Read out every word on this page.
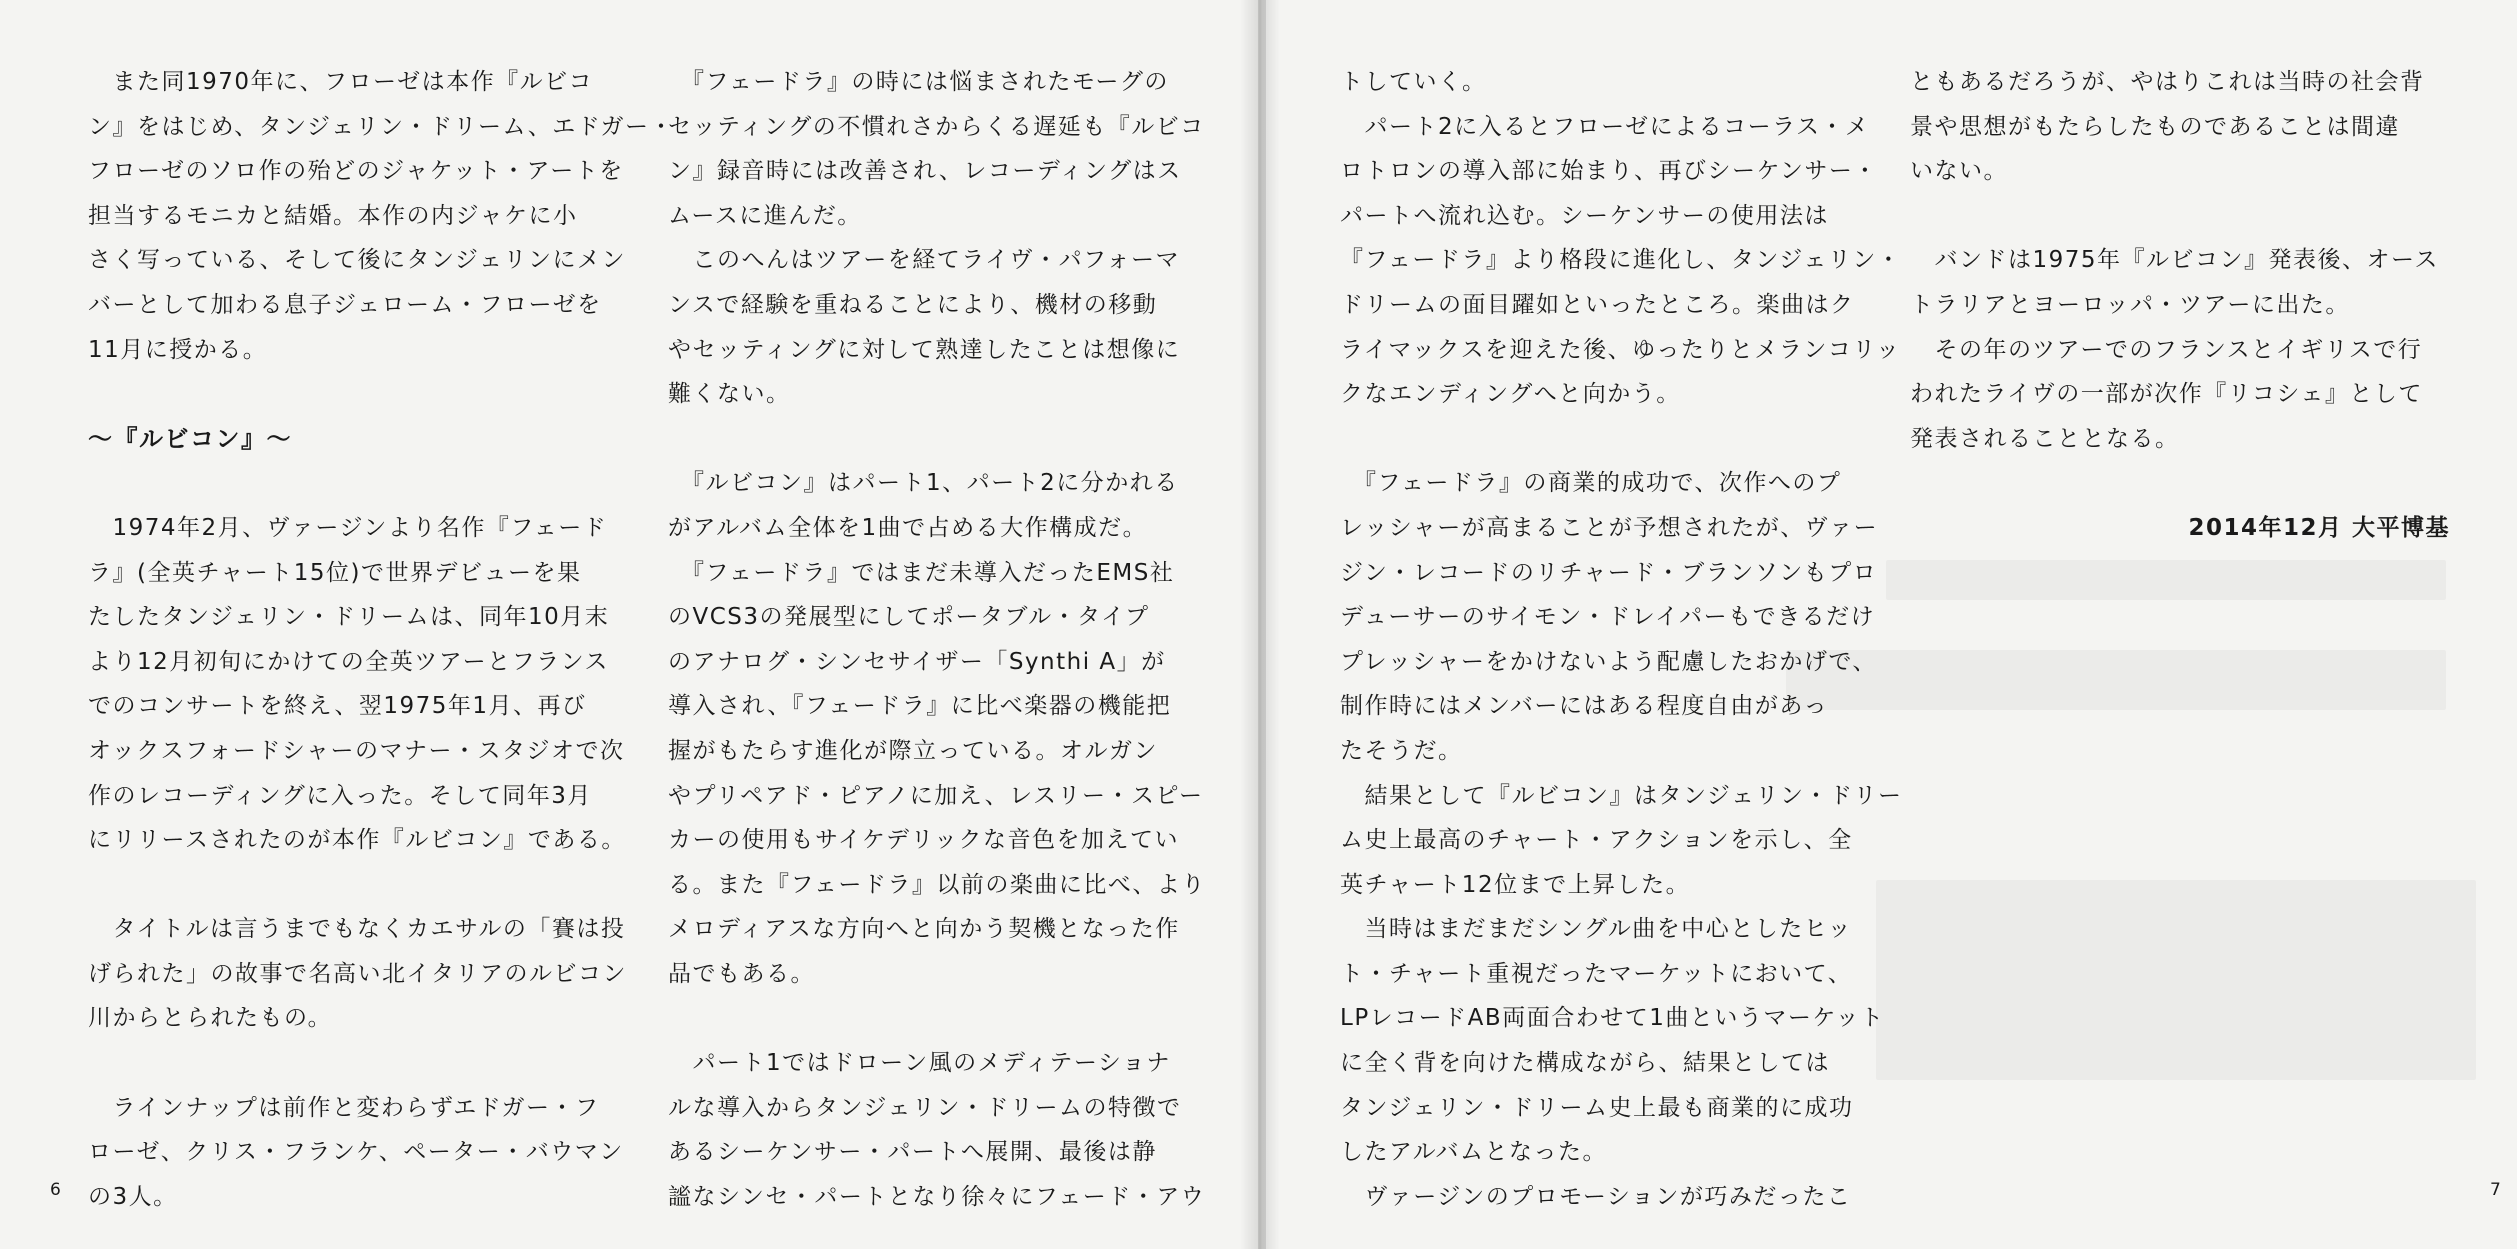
　また同1970年に、フローゼは本作『ルビコ

ン』をはじめ、タンジェリン・ドリーム、エドガー・

フローゼのソロ作の殆どのジャケット・アートを

担当するモニカと結婚。本作の内ジャケに小

さく写っている、そして後にタンジェリンにメン

バーとして加わる息子ジェローム・フローゼを

11月に授かる。

〜『ルビコン』〜

　1974年2月、ヴァージンより名作『フェード

ラ』(全英チャート15位)で世界デビューを果

たしたタンジェリン・ドリームは、同年10月末

より12月初旬にかけての全英ツアーとフランス

でのコンサートを終え、翌1975年1月、再び

オックスフォードシャーのマナー・スタジオで次

作のレコーディングに入った。そして同年3月

にリリースされたのが本作『ルビコン』である。

　タイトルは言うまでもなくカエサルの「賽は投

げられた」の故事で名高い北イタリアのルビコン

川からとられたもの。

　ラインナップは前作と変わらずエドガー・フ

ローゼ、クリス・フランケ、ペーター・バウマン

の3人。

　『フェードラ』の時には悩まされたモーグの

セッティングの不慣れさからくる遅延も『ルビコ

ン』録音時には改善され、レコーディングはス

ムースに進んだ。

　このへんはツアーを経てライヴ・パフォーマ

ンスで経験を重ねることにより、機材の移動

やセッティングに対して熟達したことは想像に

難くない。

　『ルビコン』はパート1、パート2に分かれる

がアルバム全体を1曲で占める大作構成だ。

　『フェードラ』ではまだ未導入だったEMS社

のVCS3の発展型にしてポータブル・タイプ

のアナログ・シンセサイザー「Synthi A」が

導入され、『フェードラ』に比べ楽器の機能把

握がもたらす進化が際立っている。オルガン

やプリペアド・ピアノに加え、レスリー・スピー

カーの使用もサイケデリックな音色を加えてい

る。また『フェードラ』以前の楽曲に比べ、より

メロディアスな方向へと向かう契機となった作

品でもある。

　パート1ではドローン風のメディテーショナ

ルな導入からタンジェリン・ドリームの特徴で

あるシーケンサー・パートへ展開、最後は静

謐なシンセ・パートとなり徐々にフェード・アウ

6

トしていく。

　パート2に入るとフローゼによるコーラス・メ

ロトロンの導入部に始まり、再びシーケンサー・

パートへ流れ込む。シーケンサーの使用法は

『フェードラ』より格段に進化し、タンジェリン・

ドリームの面目躍如といったところ。楽曲はク

ライマックスを迎えた後、ゆったりとメランコリッ

クなエンディングへと向かう。

　『フェードラ』の商業的成功で、次作へのプ

レッシャーが高まることが予想されたが、ヴァー

ジン・レコードのリチャード・ブランソンもプロ

デューサーのサイモン・ドレイパーもできるだけ

プレッシャーをかけないよう配慮したおかげで、

制作時にはメンバーにはある程度自由があっ

たそうだ。

　結果として『ルビコン』はタンジェリン・ドリー

ム史上最高のチャート・アクションを示し、全

英チャート12位まで上昇した。

　当時はまだまだシングル曲を中心としたヒッ

ト・チャート重視だったマーケットにおいて、

LPレコードAB両面合わせて1曲というマーケット

に全く背を向けた構成ながら、結果としては

タンジェリン・ドリーム史上最も商業的に成功

したアルバムとなった。

　ヴァージンのプロモーションが巧みだったこ

ともあるだろうが、やはりこれは当時の社会背

景や思想がもたらしたものであることは間違

いない。

　バンドは1975年『ルビコン』発表後、オース

トラリアとヨーロッパ・ツアーに出た。

　その年のツアーでのフランスとイギリスで行

われたライヴの一部が次作『リコシェ』として

発表されることとなる。

2014年12月 大平博基

7
